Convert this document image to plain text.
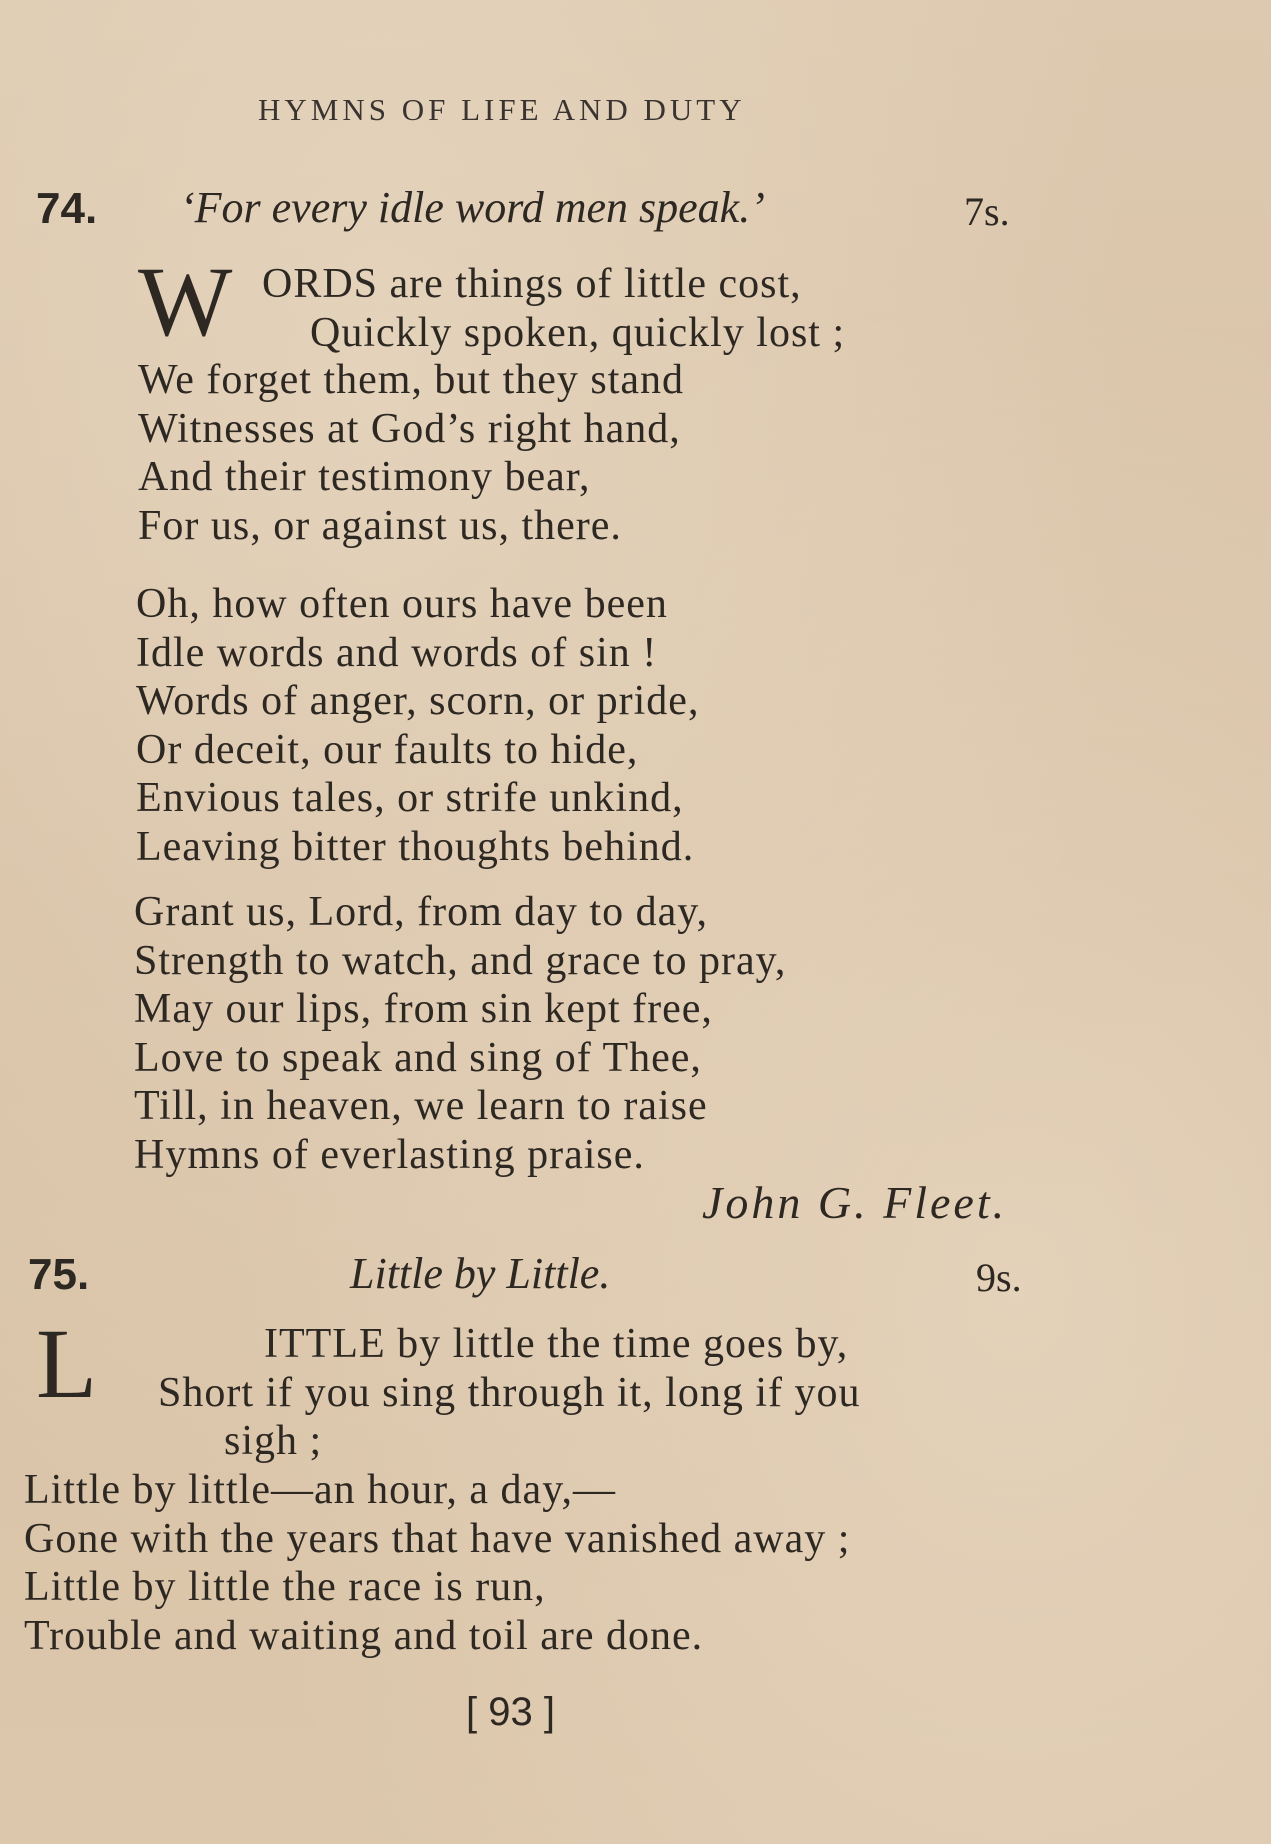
HYMNS OF LIFE AND DUTY
74. ‘For every idle word men speak.’	7s.
W ORDS are things of little cost,
Quickly spoken, quickly lost ;
We forget them, but they stand
Witnesses at God’s right hand,
And their testimony bear,
For us, or against us, there.
Oh, how often ours have been
Idle words and words of sin !
Words of anger, scorn, or pride,
Or deceit, our faults to hide,
Envious tales, or strife unkind,
Leaving bitter thoughts behind.
Grant us, Lord, from day to day,
Strength to watch, and grace to pray,
May our lips, from sin kept free,
Love to speak and sing of Thee,
Till, in heaven, we learn to raise
Hymns of everlasting praise.
John G. Fleet.
75.	Little by Little.	9s.
L	ITTLE by little the time goes by,
Short if you sing through it, long if you
sigh ;
Little by little—an hour, a day,—
Gone with the years that have vanished away ;
Little by little the race is run,
Trouble and waiting and toil are done.
[ 93 ]
